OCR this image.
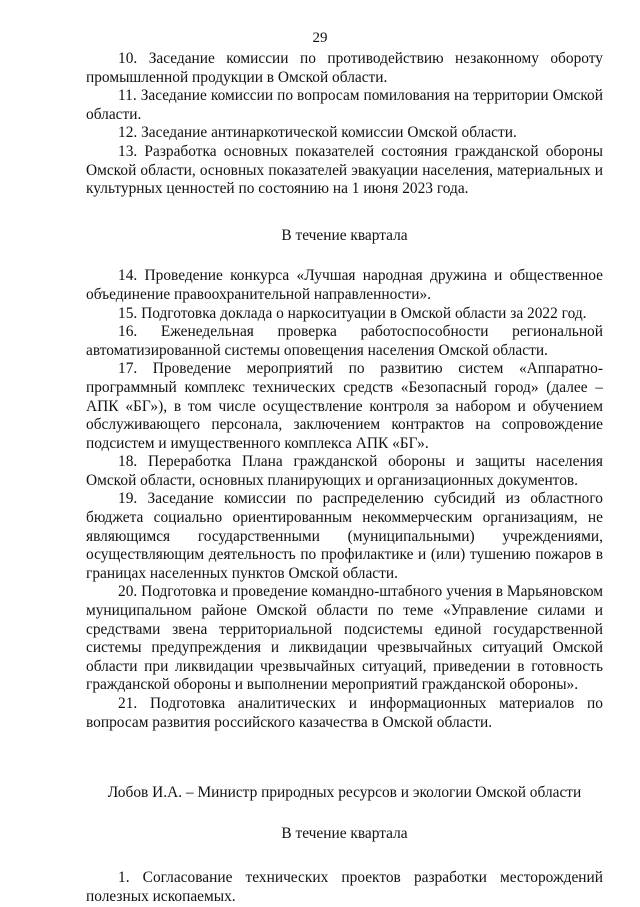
29

10. Заседание комиссии по противодействию незаконному обороту промышленной продукции в Омской области.

11. Заседание комиссии по вопросам помилования на территории Омской области.

12. Заседание антинаркотической комиссии Омской области.

13. Разработка основных показателей состояния гражданской обороны Омской области, основных показателей эвакуации населения, материальных и культурных ценностей по состоянию на 1 июня 2023 года.

В течение квартала

14. Проведение конкурса «Лучшая народная дружина и общественное объединение правоохранительной направленности».

15. Подготовка доклада о наркоситуации в Омской области за 2022 год.

16. Еженедельная проверка работоспособности региональной автоматизированной системы оповещения населения Омской области.

17. Проведение мероприятий по развитию систем «Аппаратно-программный комплекс технических средств «Безопасный город» (далее – АПК «БГ»), в том числе осуществление контроля за набором и обучением обслуживающего персонала, заключением контрактов на сопровождение подсистем и имущественного комплекса АПК «БГ».

18. Переработка Плана гражданской обороны и защиты населения Омской области, основных планирующих и организационных документов.

19. Заседание комиссии по распределению субсидий из областного бюджета социально ориентированным некоммерческим организациям, не являющимся государственными (муниципальными) учреждениями, осуществляющим деятельность по профилактике и (или) тушению пожаров в границах населенных пунктов Омской области.

20. Подготовка и проведение командно-штабного учения в Марьяновском муниципальном районе Омской области по теме «Управление силами и средствами звена территориальной подсистемы единой государственной системы предупреждения и ликвидации чрезвычайных ситуаций Омской области при ликвидации чрезвычайных ситуаций, приведении в готовность гражданской обороны и выполнении мероприятий гражданской обороны».

21. Подготовка аналитических и информационных материалов по вопросам развития российского казачества в Омской области.

Лобов И.А. – Министр природных ресурсов и экологии Омской области

В течение квартала

1. Согласование технических проектов разработки месторождений полезных ископаемых.
